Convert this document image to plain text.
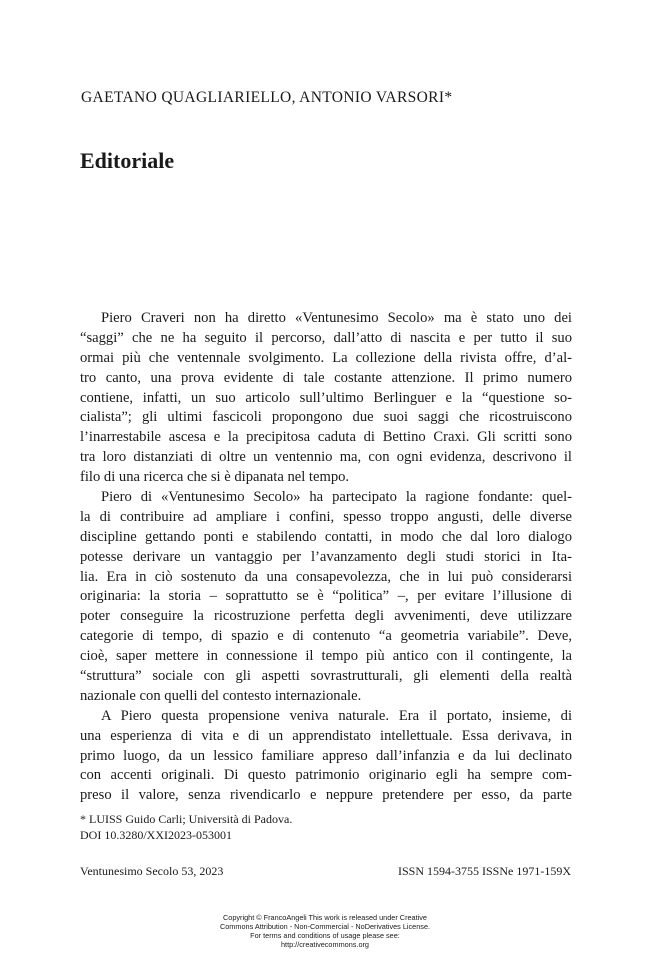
GAETANO QUAGLIARIELLO, ANTONIO VARSORI*
Editoriale
Piero Craveri non ha diretto «Ventunesimo Secolo» ma è stato uno dei
“saggi” che ne ha seguito il percorso, dall’atto di nascita e per tutto il suo
ormai più che ventennale svolgimento. La collezione della rivista offre, d’al-
tro canto, una prova evidente di tale costante attenzione. Il primo numero
contiene, infatti, un suo articolo sull’ultimo Berlinguer e la “questione so-
cialista”; gli ultimi fascicoli propongono due suoi saggi che ricostruiscono
l’inarrestabile ascesa e la precipitosa caduta di Bettino Craxi. Gli scritti sono
tra loro distanziati di oltre un ventennio ma, con ogni evidenza, descrivono il
filo di una ricerca che si è dipanata nel tempo.
Piero di «Ventunesimo Secolo» ha partecipato la ragione fondante: quel-
la di contribuire ad ampliare i confini, spesso troppo angusti, delle diverse
discipline gettando ponti e stabilendo contatti, in modo che dal loro dialogo
potesse derivare un vantaggio per l’avanzamento degli studi storici in Ita-
lia. Era in ciò sostenuto da una consapevolezza, che in lui può considerarsi
originaria: la storia – soprattutto se è “politica” –, per evitare l’illusione di
poter conseguire la ricostruzione perfetta degli avvenimenti, deve utilizzare
categorie di tempo, di spazio e di contenuto “a geometria variabile”. Deve,
cioè, saper mettere in connessione il tempo più antico con il contingente, la
“struttura” sociale con gli aspetti sovrastrutturali, gli elementi della realtà
nazionale con quelli del contesto internazionale.
A Piero questa propensione veniva naturale. Era il portato, insieme, di
una esperienza di vita e di un apprendistato intellettuale. Essa derivava, in
primo luogo, da un lessico familiare appreso dall’infanzia e da lui declinato
con accenti originali. Di questo patrimonio originario egli ha sempre com-
preso il valore, senza rivendicarlo e neppure pretendere per esso, da parte
* LUISS Guido Carli; Università di Padova.
DOI 10.3280/XXI2023-053001
Ventunesimo Secolo 53, 2023	ISSN 1594-3755 ISSNe 1971-159X
Copyright © FrancoAngeli This work is released under Creative
Commons Attribution - Non-Commercial - NoDerivatives License.
For terms and conditions of usage please see:
http://creativecommons.org
